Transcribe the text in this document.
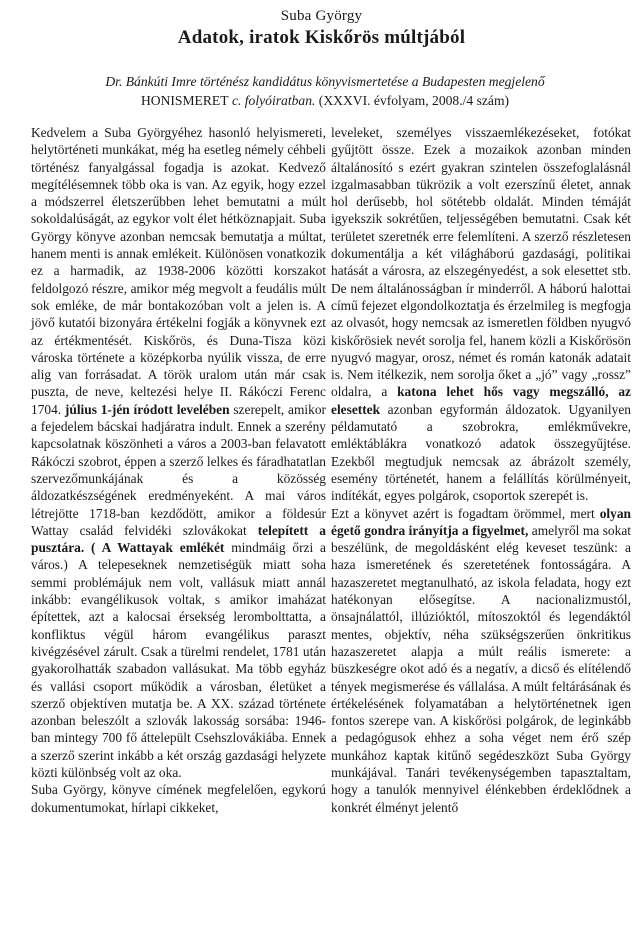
Suba György
Adatok, iratok Kiskőrös múltjából
Dr. Bánkúti Imre történész kandidátus könyvismertetése a Budapesten megjelenő
HONISMERET c. folyóiratban. (XXXVI. évfolyam, 2008./4 szám)

Kedvelem a Suba Györgyéhez hasonló helyismereti, helytörténeti munkákat, még ha esetleg némely céhbeli történész fanyalgással fogadja is azokat. Kedvező megítélésemnek több oka is van. Az egyik, hogy ezzel a módszerrel életszerűbben lehet bemutatni a múlt sokoldalúságát, az egykor volt élet hétköznapjait. Suba György könyve azonban nemcsak bemutatja a múltat, hanem menti is annak emlékeit. Különösen vonatkozik ez a harmadik, az 1938-2006 közötti korszakot feldolgozó részre, amikor még megvolt a feudális múlt sok emléke, de már bontakozóban volt a jelen is. A jövő kutatói bizonyára értékelni fogják a könyvnek ezt az értékmentését. Kiskőrös, és Duna-Tisza közi városka története a középkorba nyúlik vissza, de erre alig van forrásadat. A török uralom után már csak puszta, de neve, keltezési helye II. Rákóczi Ferenc 1704. július 1-jén íródott levelében szerepelt, amikor a fejedelem bácskai hadjáratra indult. Ennek a szerény kapcsolatnak köszönheti a város a 2003-ban felavatott Rákóczi szobrot, éppen a szerző lelkes és fáradhatatlan szervezőmunkájának és a közösség áldozatkészségének eredményeként. A mai város létrejötte 1718-ban kezdődött, amikor a földesúr Wattay család felvidéki szlovákokat telepített a pusztára. ( A Wattayak emlékét mindmáig őrzi a város.) A telepeseknek nemzetiségük miatt soha semmi problémájuk nem volt, vallásuk miatt annál inkább: evangélikusok voltak, s amikor imaházat építettek, azt a kalocsai érsekség lerombolttatta, a konfliktus végül három evangélikus paraszt kivégzésével zárult. Csak a türelmi rendelet, 1781 után gyakorolhatták szabadon vallásukat. Ma több egyház és vallási csoport működik a városban, életüket a szerző objektíven mutatja be. A XX. század története azonban beleszólt a szlovák lakosság sorsába: 1946-ban mintegy 700 fő áttelepült Csehszlovákiába. Ennek a szerző szerint inkább a két ország gazdasági helyzete közti különbség volt az oka.

Suba György, könyve címének megfelelően, egykorú dokumentumokat, hírlapi cikkeket,

leveleket, személyes visszaemlékezéseket, fotókat gyűjtött össze. Ezek a mozaikok azonban minden általánosító s ezért gyakran szintelen összefoglalásnál izgalmasabban tükrözik a volt ezerszínű életet, annak hol derűsebb, hol sötétebb oldalát. Minden témáját igyekszik sokrétűen, teljességében bemutatni. Csak két területet szeretnék erre felemlíteni. A szerző részletesen dokumentálja a két világháború gazdasági, politikai hatását a városra, az elszegényedést, a sok elesettet stb. De nem általánosságban ír minderről. A háború halottai című fejezet elgondolkoztatja és érzelmileg is megfogja az olvasót, hogy nemcsak az ismeretlen földben nyugvó kiskőrösiek nevét sorolja fel, hanem közli a Kiskőrösön nyugvó magyar, orosz, német és román katonák adatait is. Nem itélkezik, nem sorolja őket a „jó” vagy „rossz” oldalra, a katona lehet hős vagy megszálló, az elesettek azonban egyformán áldozatok. Ugyanilyen példamutató a szobrokra, emlékművekre, emléktáblákra vonatkozó adatok összegyűjtése. Ezekből megtudjuk nemcsak az ábrázolt személy, esemény történetét, hanem a felállítás körülményeit, indítékát, egyes polgárok, csoportok szerepét is.

Ezt a könyvet azért is fogadtam örömmel, mert olyan égető gondra irányítja a figyelmet, amelyről ma sokat beszélünk, de megoldásként elég keveset teszünk: a haza ismeretének és szeretetének fontosságára. A hazaszeretet megtanulható, az iskola feladata, hogy ezt hatékonyan elősegítse. A nacionalizmustól, önsajnálattól, illúzióktól, mítoszoktól és legendáktól mentes, objektív, néha szükségszerűen önkritikus hazaszeretet alapja a múlt reális ismerete: a büszkeségre okot adó és a negatív, a dicső és elítélendő tények megismerése és vállalása. A múlt feltárásának és értékelésének folyamatában a helytörténetnek igen fontos szerepe van. A kiskőrösi polgárok, de leginkább a pedagógusok ehhez a soha véget nem érő szép munkához kaptak kitűnő segédeszközt Suba György munkájával. Tanári tevékenységemben tapasztaltam, hogy a tanulók mennyivel élénkebben érdeklődnek a konkrét élményt jelentő
